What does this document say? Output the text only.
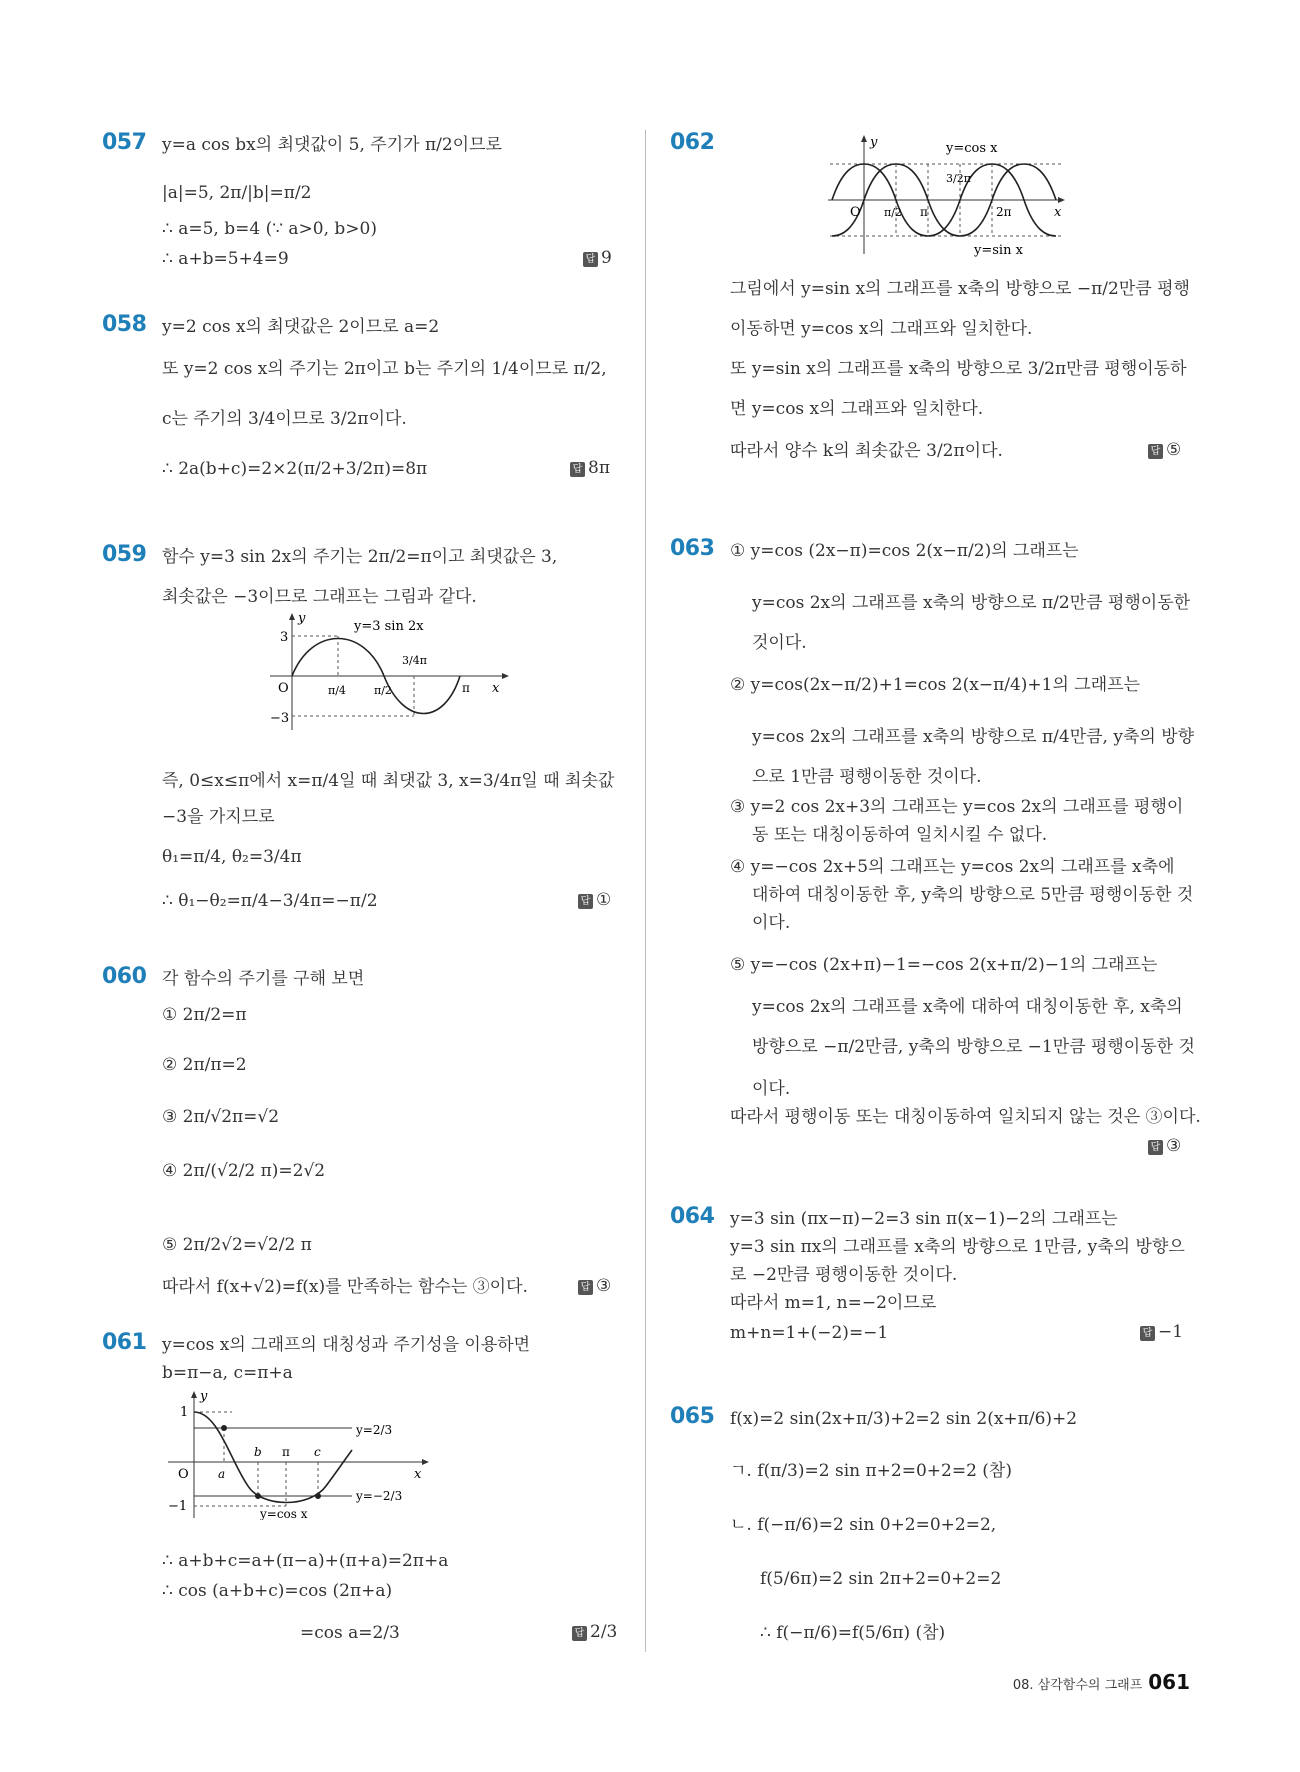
057 y=a cos bx의 최댓값이 5, 주기가 π/2이므로
|a|=5, 2π/|b|=π/2
∴ a=5, b=4 (∵ a>0, b>0)
∴ a+b=5+4=9	답 9
058 y=2 cos x의 최댓값은 2이므로 a=2
또 y=2 cos x의 주기는 2π이고 b는 주기의 1/4이므로 π/2,
c는 주기의 3/4이므로 3/2π이다.
∴ 2a(b+c)=2×2(π/2+3/2π)=8π	답 8π
059 함수 y=3 sin 2x의 주기는 2π/2=π이고 최댓값은 3,
최솟값은 −3이므로 그래프는 그림과 같다.
3
−3
O
y
x
y=3 sin 2x
π/4	π/2
3/4π
π
즉, 0≤x≤π에서 x=π/4일 때 최댓값 3, x=3/4π일 때 최솟값
−3을 가지므로
θ₁=π/4, θ₂=3/4π
∴ θ₁−θ₂=π/4−3/4π=−π/2	답 ①
060 각 함수의 주기를 구해 보면
① 2π/2=π
② 2π/π=2
③ 2π/√2π=√2
④ 2π/(√2/2 π)=2√2
⑤ 2π/2√2=√2/2 π
따라서 f(x+√2)=f(x)를 만족하는 함수는 ③이다.	답 ③
061 y=cos x의 그래프의 대칭성과 주기성을 이용하면
b=π−a, c=π+a
1
−1
O
y
x
a
b π c
y=2/3
y=−2/3
y=cos x
∴ a+b+c=a+(π−a)+(π+a)=2π+a
∴ cos (a+b+c)=cos (2π+a)
=cos a=2/3	답 2/3
062
O
y
x
π/2 π
3/2π
2π
y=cos x
y=sin x
그림에서 y=sin x의 그래프를 x축의 방향으로 −π/2만큼 평행
이동하면 y=cos x의 그래프와 일치한다.
또 y=sin x의 그래프를 x축의 방향으로 3/2π만큼 평행이동하
면 y=cos x의 그래프와 일치한다.
따라서 양수 k의 최솟값은 3/2π이다.	답 ⑤
063 ① y=cos (2x−π)=cos 2(x−π/2)의 그래프는
y=cos 2x의 그래프를 x축의 방향으로 π/2만큼 평행이동한
것이다.
② y=cos(2x−π/2)+1=cos 2(x−π/4)+1의 그래프는
y=cos 2x의 그래프를 x축의 방향으로 π/4만큼, y축의 방향
으로 1만큼 평행이동한 것이다.
③ y=2 cos 2x+3의 그래프는 y=cos 2x의 그래프를 평행이
동 또는 대칭이동하여 일치시킬 수 없다.
④ y=−cos 2x+5의 그래프는 y=cos 2x의 그래프를 x축에
대하여 대칭이동한 후, y축의 방향으로 5만큼 평행이동한 것
이다.
⑤ y=−cos (2x+π)−1=−cos 2(x+π/2)−1의 그래프는
y=cos 2x의 그래프를 x축에 대하여 대칭이동한 후, x축의
방향으로 −π/2만큼, y축의 방향으로 −1만큼 평행이동한 것
이다.
따라서 평행이동 또는 대칭이동하여 일치되지 않는 것은 ③이다.
답 ③
064 y=3 sin (πx−π)−2=3 sin π(x−1)−2의 그래프는
y=3 sin πx의 그래프를 x축의 방향으로 1만큼, y축의 방향으
로 −2만큼 평행이동한 것이다.
따라서 m=1, n=−2이므로
m+n=1+(−2)=−1	답 −1
065 f(x)=2 sin(2x+π/3)+2=2 sin 2(x+π/6)+2
ㄱ. f(π/3)=2 sin π+2=0+2=2 (참)
ㄴ. f(−π/6)=2 sin 0+2=0+2=2,
f(5/6π)=2 sin 2π+2=0+2=2
∴ f(−π/6)=f(5/6π) (참)
08. 삼각함수의 그래프 061
